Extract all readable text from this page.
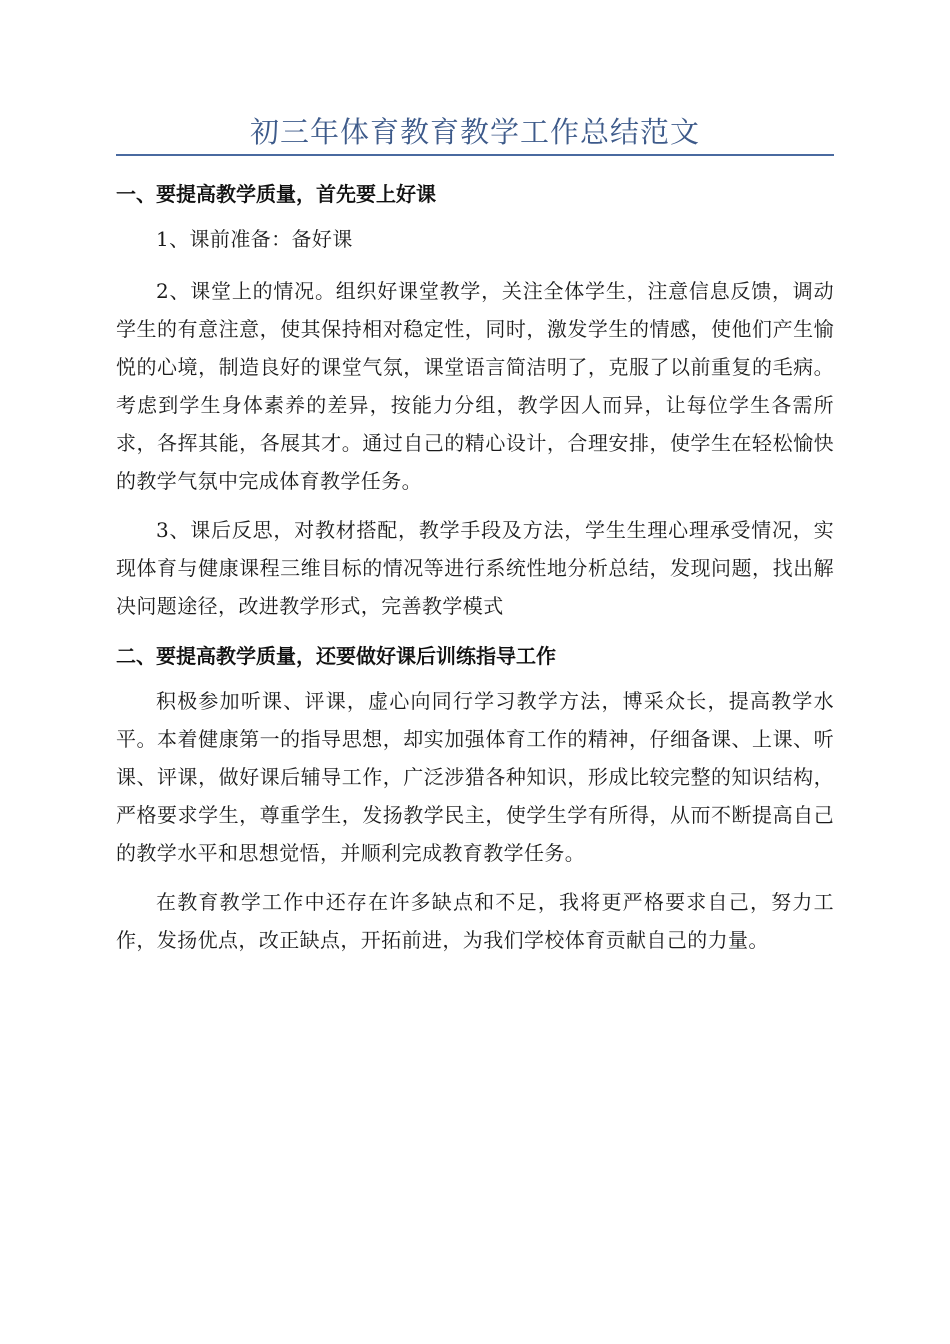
初三年体育教育教学工作总结范文
一、要提高教学质量，首先要上好课

1、课前准备：备好课

2、课堂上的情况。组织好课堂教学，关注全体学生，注意信息反馈，调动学生的有意注意，使其保持相对稳定性，同时，激发学生的情感，使他们产生愉悦的心境，制造良好的课堂气氛，课堂语言简洁明了，克服了以前重复的毛病。考虑到学生身体素养的差异，按能力分组，教学因人而异，让每位学生各需所求，各挥其能，各展其才。通过自己的精心设计，合理安排，使学生在轻松愉快的教学气氛中完成体育教学任务。

3、课后反思，对教材搭配，教学手段及方法，学生生理心理承受情况，实现体育与健康课程三维目标的情况等进行系统性地分析总结，发现问题，找出解决问题途径，改进教学形式，完善教学模式

二、要提高教学质量，还要做好课后训练指导工作

积极参加听课、评课，虚心向同行学习教学方法，博采众长，提高教学水平。本着健康第一的指导思想，却实加强体育工作的精神，仔细备课、上课、听课、评课，做好课后辅导工作，广泛涉猎各种知识，形成比较完整的知识结构，严格要求学生，尊重学生，发扬教学民主，使学生学有所得，从而不断提高自己的教学水平和思想觉悟，并顺利完成教育教学任务。

在教育教学工作中还存在许多缺点和不足，我将更严格要求自己，努力工作，发扬优点，改正缺点，开拓前进，为我们学校体育贡献自己的力量。
